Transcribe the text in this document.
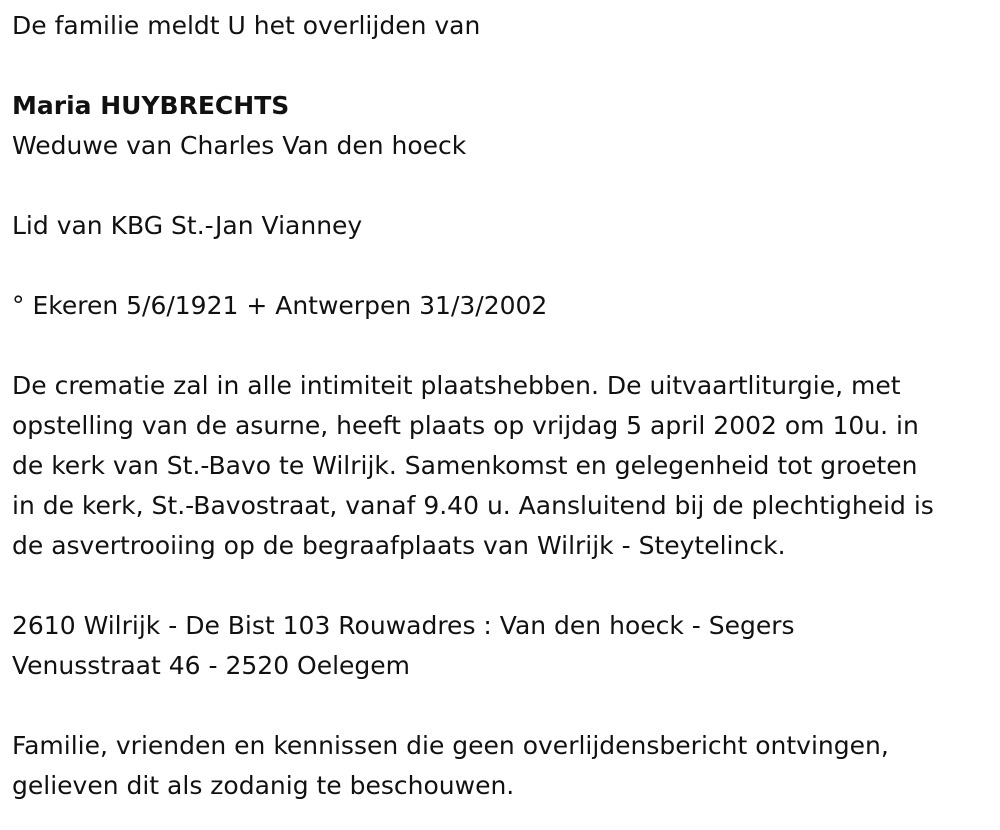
De familie meldt U het overlijden van

Maria HUYBRECHTS

Weduwe van Charles Van den hoeck

Lid van KBG St.-Jan Vianney

° Ekeren 5/6/1921 + Antwerpen 31/3/2002

De crematie zal in alle intimiteit plaatshebben. De uitvaartliturgie, met

opstelling van de asurne, heeft plaats op vrijdag 5 april 2002 om 10u. in

de kerk van St.-Bavo te Wilrijk. Samenkomst en gelegenheid tot groeten

in de kerk, St.-Bavostraat, vanaf 9.40 u. Aansluitend bij de plechtigheid is

de asvertrooiing op de begraafplaats van Wilrijk - Steytelinck.

2610 Wilrijk - De Bist 103 Rouwadres : Van den hoeck - Segers

Venusstraat 46 - 2520 Oelegem

Familie, vrienden en kennissen die geen overlijdensbericht ontvingen,

gelieven dit als zodanig te beschouwen.
